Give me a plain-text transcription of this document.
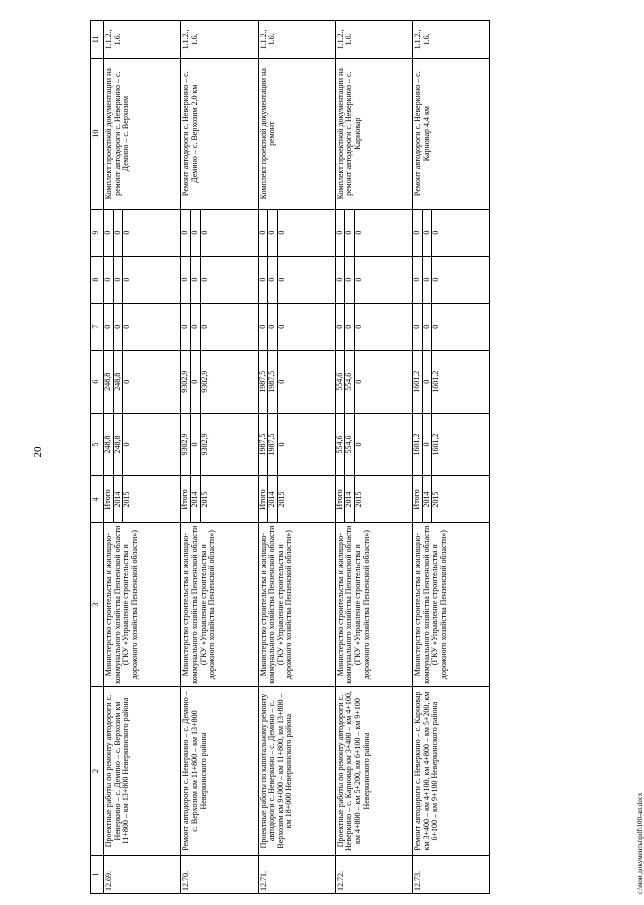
20
1	2	3	4	5	6	7	8	9	10	11
12.69.	Проектные работы по ремонту автодороги с. Неверкино – с. Демино – с. Верхозим км 11+800 – км 13+800 Неверкинского района	Министерство строительства и жилищно-коммунального хозяйства Пензенской области (ГКУ «Управление строительства и дорожного хозяйства Пензенской области»)	Итого	248,8	248,8	0	0	0	Комплект проектной документации на ремонт автодороги с. Неверкино – с. Демино – с. Верхозим	1.1.2., 1.6.
			2014	248,8	248,8	0	0	0		
			2015	0	0	0	0	0		
12.70.	Ремонт автодороги с. Неверкино – с. Демино – с. Верхозим км 11+800 – км 13+800 Неверкинского района	Министерство строительства и жилищно-коммунального хозяйства Пензенской области (ГКУ «Управление строительства и дорожного хозяйства Пензенской области»)	Итого	9302,9	9302,9	0	0	0	Ремонт автодороги с. Неверкино – с. Демино – с. Верхозим 2,0 км	1.1.2., 1.6.
			2014	0	0	0	0	0		
			2015	9302,9	9302,9	0	0	0		
12.71.	Проектные работы по капитальному ремонту автодороги с. Неверкино – с. Демино – с. Верхозим км 9+000 – км 11+800, км 13+800 – км 18+000 Неверкинского района	Министерство строительства и жилищно-коммунального хозяйства Пензенской области (ГКУ «Управление строительства и дорожного хозяйства Пензенской области»)	Итого	1987,5	1987,5	0	0	0	Комплект проектной документации на ремонт	1.1.2., 1.6.
			2014	1987,5	1987,5	0	0	0		
			2015	0	0	0	0	0		
12.72.	Проектные работы по ремонту автодороги с. Неверкино – с. Карновар км 3+400 – км 4+100, км 4+800 – км 5+200, км 6+100 – км 9+100 Неверкинского района	Министерство строительства и жилищно-коммунального хозяйства Пензенской области (ГКУ «Управление строительства и дорожного хозяйства Пензенской области»)	Итого	554,6	554,6	0	0	0	Комплект проектной документации на ремонт автодороги с. Неверкино – с. Карновар	1.1.2., 1.6.
			2014	554,6	554,6	0	0	0		
			2015	0	0	0	0	0		
12.73.	Ремонт автодороги с. Неверкино – с. Карновар км 3+400 – км 4+100, км 4+800 – км 5+200, км 6+100 – км 9+100 Неверкинского района	Министерство строительства и жилищно-коммунального хозяйства Пензенской области (ГКУ «Управление строительства и дорожного хозяйства Пензенской области»)	Итого	1601,2	1601,2	0	0	0	Ремонт автодороги с. Неверкино – с. Карновар 4,4 км	1.1.2., 1.6.
			2014	0	0	0	0	0		
			2015	1601,2	1601,2	0	0	0		
с:\мои документы\pdf\100-ап.docx
